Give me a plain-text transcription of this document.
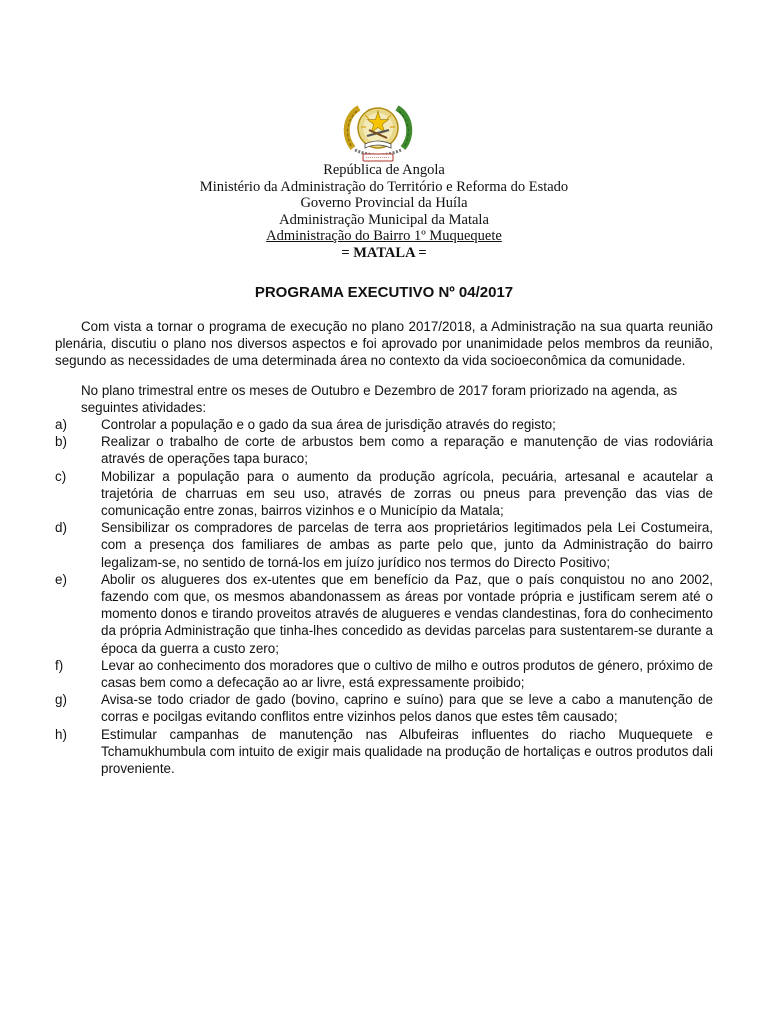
República de Angola
Ministério da Administração do Território e Reforma do Estado
Governo Provincial da Huíla
Administração Municipal da Matala
Administração do Bairro 1º Muquequete
= MATALA =
PROGRAMA EXECUTIVO Nº 04/2017

Com vista a tornar o programa de execução no plano 2017/2018, a Administração na sua quarta reunião plenária, discutiu o plano nos diversos aspectos e foi aprovado por unanimidade pelos membros da reunião, segundo as necessidades de uma determinada área no contexto da vida socioeconômica da comunidade.

No plano trimestral entre os meses de Outubro e Dezembro de 2017 foram priorizado na agenda, as seguintes atividades:

a)	Controlar a população e o gado da sua área de jurisdição através do registo;
b)	Realizar o trabalho de corte de arbustos bem como a reparação e manutenção de vias rodoviária através de operações tapa buraco;
c)	Mobilizar a população para o aumento da produção agrícola, pecuária, artesanal e acautelar a trajetória de charruas em seu uso, através de zorras ou pneus para prevenção das vias de comunicação entre zonas, bairros vizinhos e o Município da Matala;
d)	Sensibilizar os compradores de parcelas de terra aos proprietários legitimados pela Lei Costumeira, com a presença dos familiares de ambas as parte pelo que, junto da Administração do bairro legalizam-se, no sentido de torná-los em juízo jurídico nos termos do Directo Positivo;
e)	Abolir os alugueres dos ex-utentes que em benefício da Paz, que o país conquistou no ano 2002, fazendo com que, os mesmos abandonassem as áreas por vontade própria e justificam serem até o momento donos e tirando proveitos através de alugueres e vendas clandestinas, fora do conhecimento da própria Administração que tinha-lhes concedido as devidas parcelas para sustentarem-se durante a época da guerra a custo zero;
f)	Levar ao conhecimento dos moradores que o cultivo de milho e outros produtos de género, próximo de casas bem como a defecação ao ar livre, está expressamente proibido;
g)	Avisa-se todo criador de gado (bovino, caprino e suíno) para que se leve a cabo a manutenção de corras e pocilgas evitando conflitos entre vizinhos pelos danos que estes têm causado;
h)	Estimular campanhas de manutenção nas Albufeiras influentes do riacho Muquequete e Tchamukhumbula com intuito de exigir mais qualidade na produção de hortaliças e outros produtos dali proveniente.
